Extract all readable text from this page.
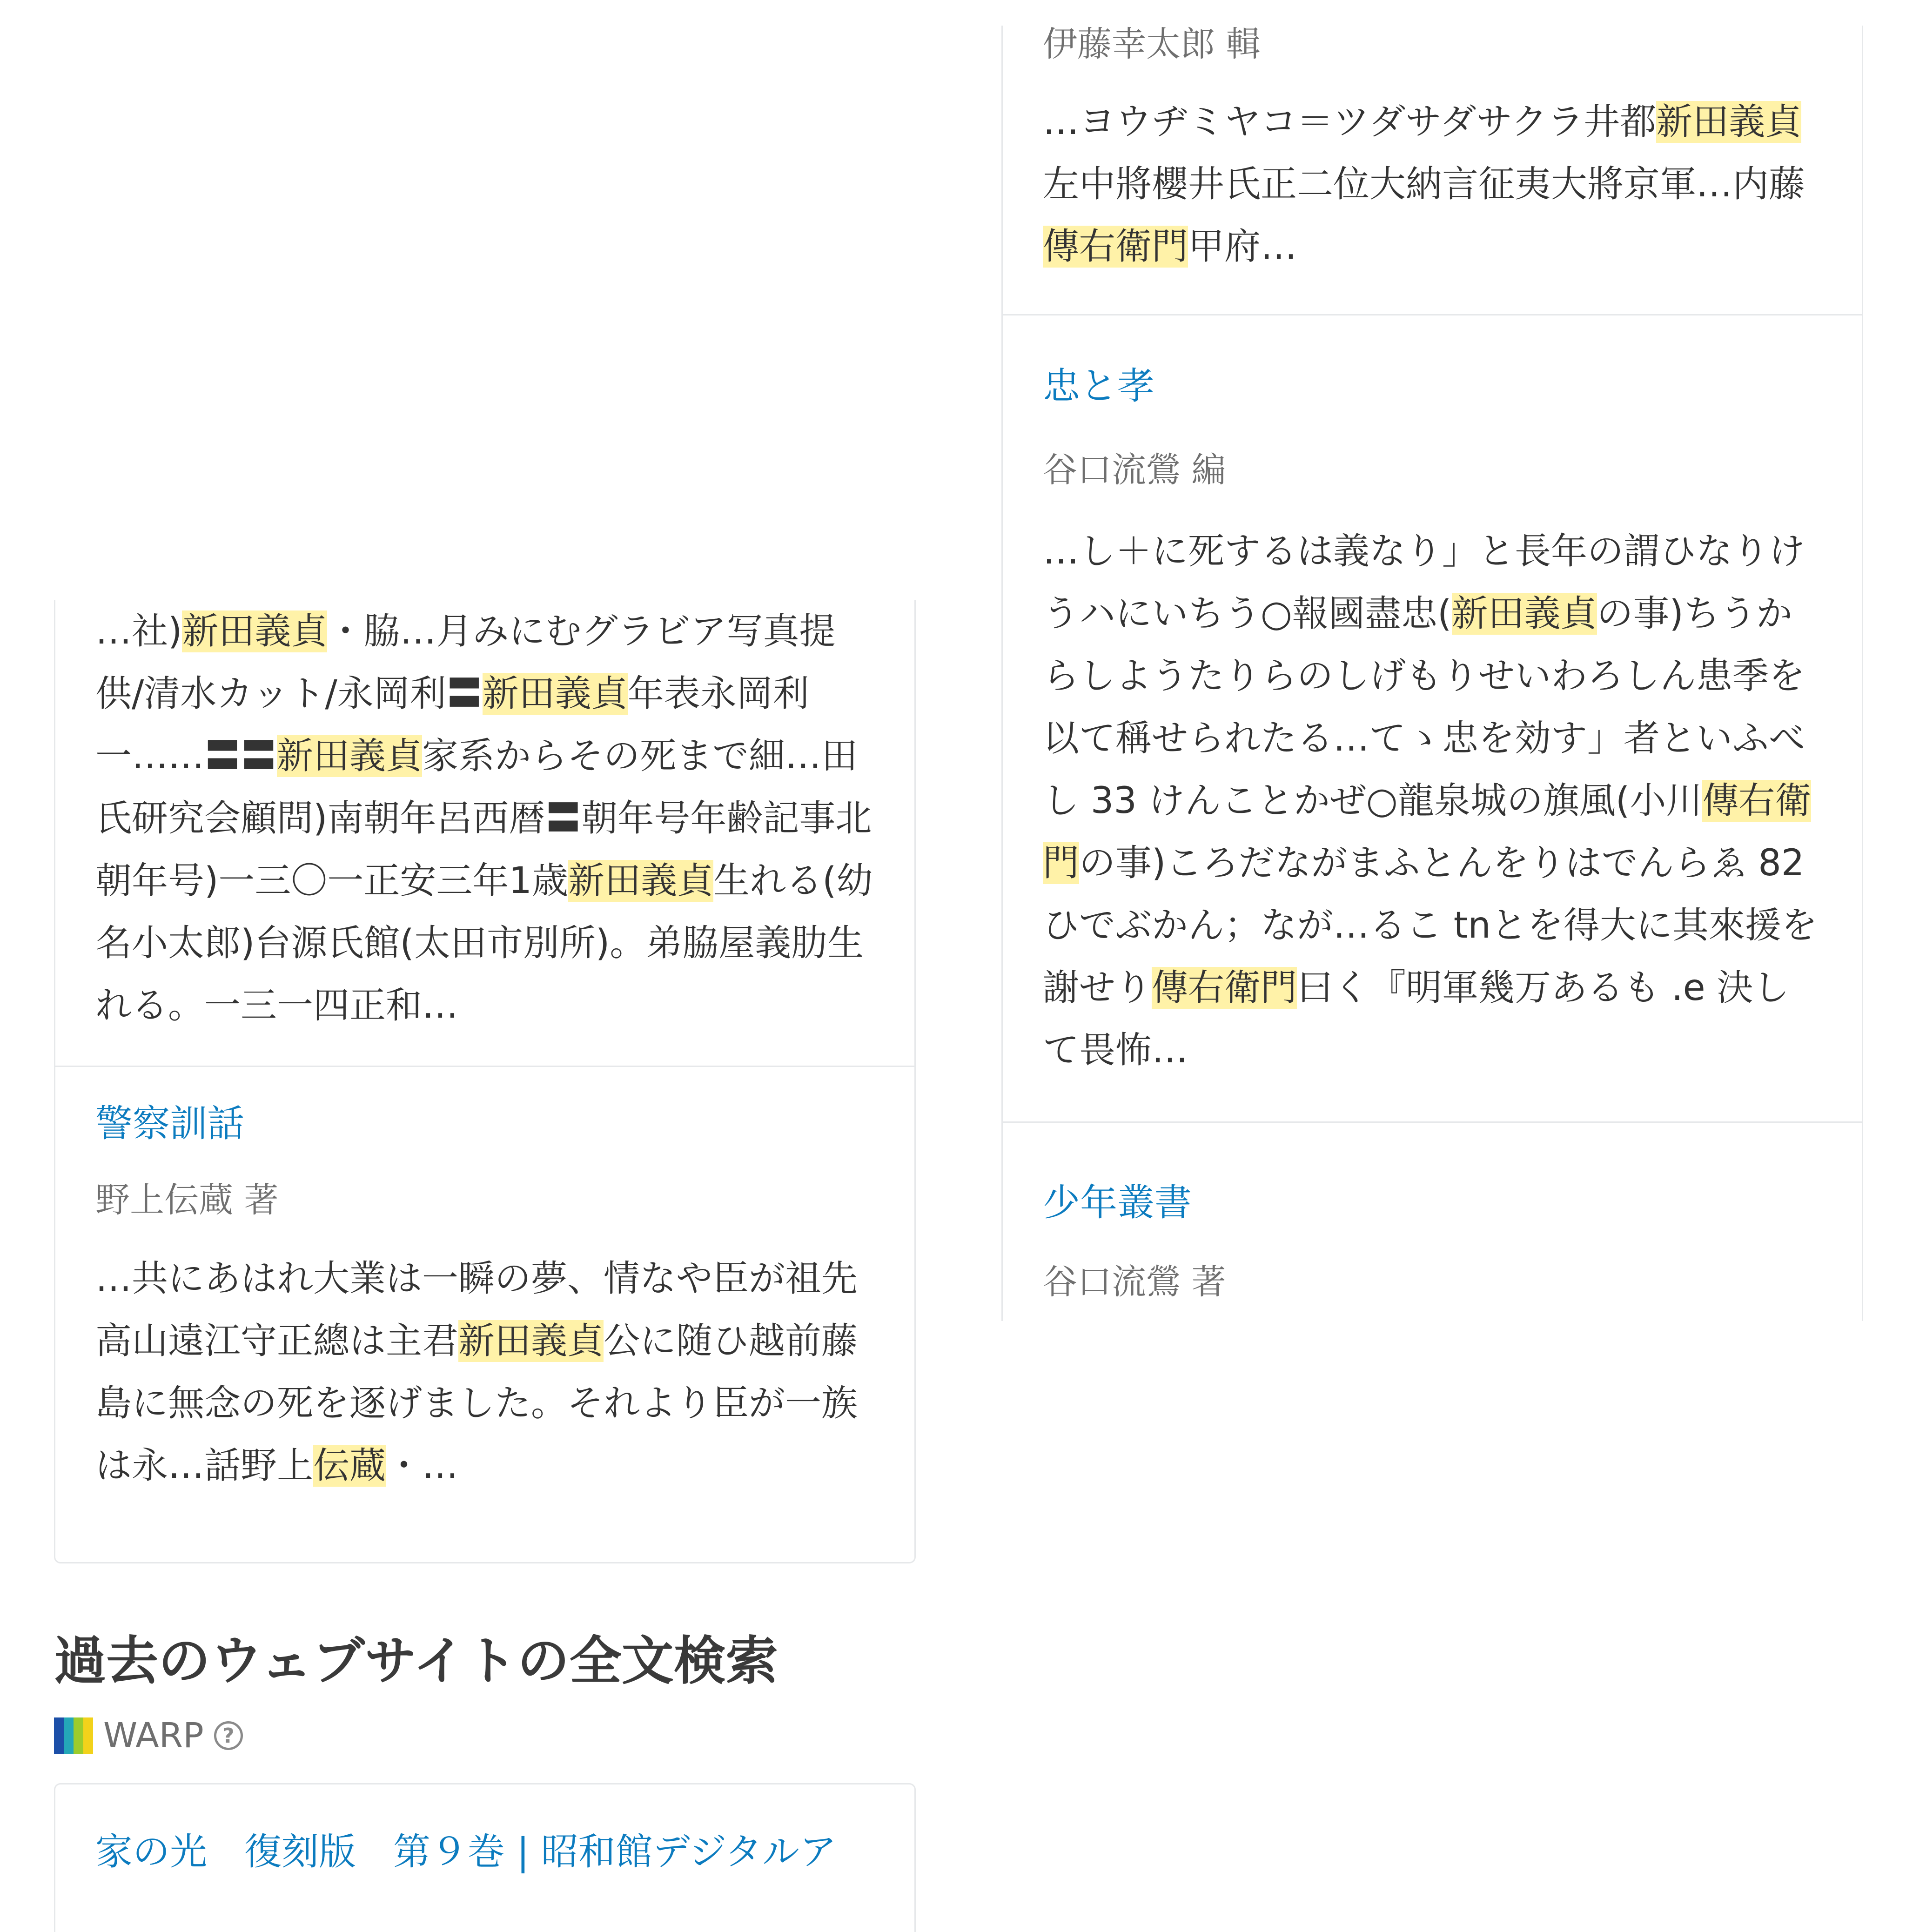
…社)新田義貞・脇…月みにむグラビア写真提供/清水カット/永岡利〓新田義貞年表永岡利一……〓〓新田義貞家系からその死まで細…田氏研究会顧問)南朝年呂西暦〓朝年号年齢記事北朝年号)一三〇一正安三年1歳新田義貞生れる(幼名小太郎)台源氏館(太田市別所)。弟脇屋義肋生れる。一三一四正和…
警察訓話
野上伝蔵 著
…共にあはれ大業は一瞬の夢、情なや臣が祖先高山遠江守正總は主君新田義貞公に随ひ越前藤島に無念の死を逐げました。それより臣が一族は永…話野上伝蔵・…
伊藤幸太郎 輯
…ヨウヂミヤコ＝ツダサダサクラ井都新田義貞左中將櫻井氏正二位大納言征夷大將京軍…内藤傳右衛門甲府…
忠と孝
谷口流鶯 編
…し＋に死するは義なり」と長年の謂ひなりけうハにいちう○報國盡忠(新田義貞の事)ちうからしようたりらのしげもりせいわろしん患季を以て稱せられたる…てゝ忠を効す」者といふべし 33 けんことかぜ○龍泉城の旗風(小川傳右衛門の事)ころだながまふとんをりはでんらゑ 82 ひでぶかん；なが…るこ tnとを得大に其來援を謝せり傳右衛門曰く『明軍幾万あるも .e 決して畏怖…
少年叢書
谷口流鶯 著
過去のウェブサイトの全文検索
WARP ?
家の光　復刻版　第９巻 | 昭和館デジタルア
